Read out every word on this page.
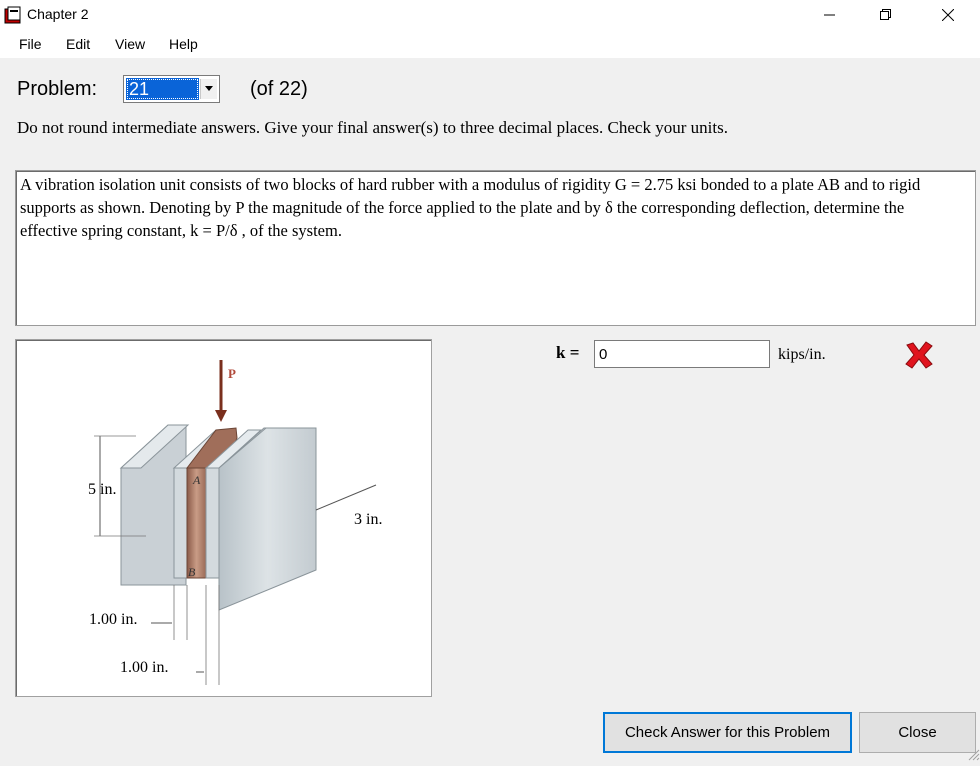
Chapter 2
File Edit View Help
Problem: 21	(of 22)
Do not round intermediate answers. Give your final answer(s) to three decimal places. Check your units.
A vibration isolation unit consists of two blocks of hard rubber with a modulus of rigidity G = 2.75 ksi bonded to a plate AB and to rigid supports as shown. Denoting by P the magnitude of the force applied to the plate and by δ the corresponding deflection, determine the effective spring constant, k = P/δ , of the system.
P
A
B
5 in.
3 in.
1.00 in.
1.00 in.
k =
0	kips/in.
Check Answer for this Problem	Close
